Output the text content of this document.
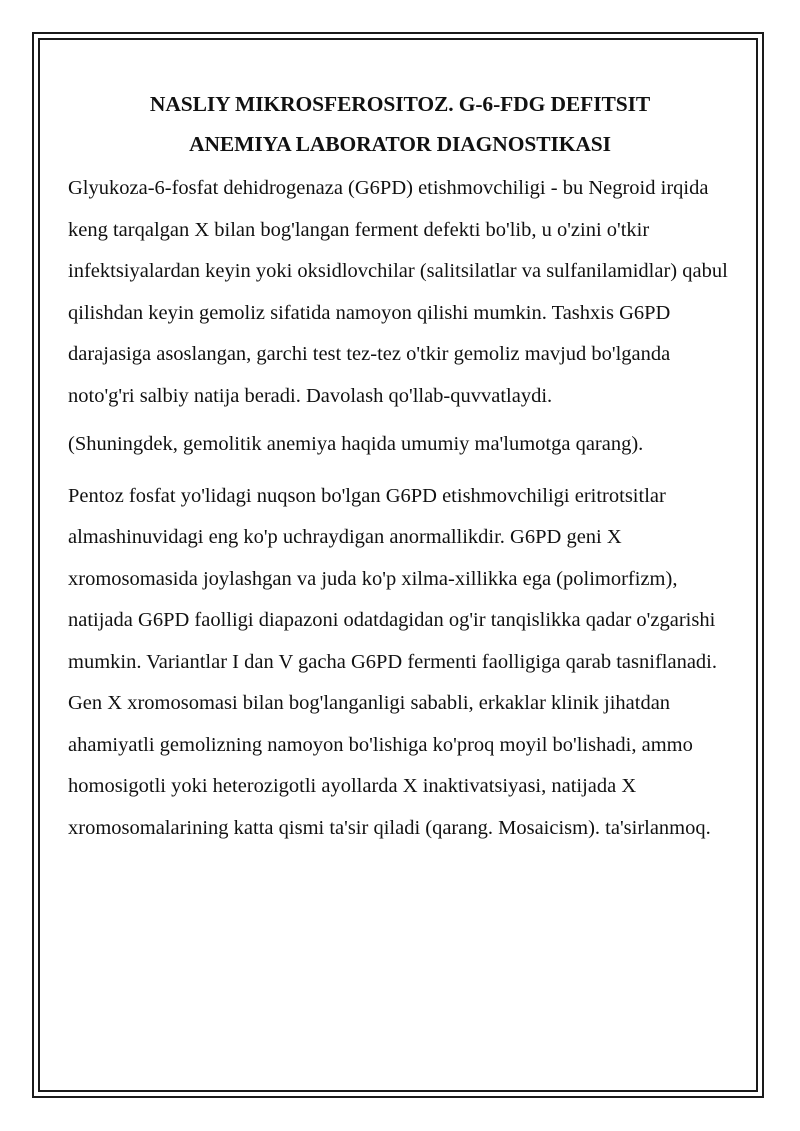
NASLIY MIKROSFEROSITOZ. G-6-FDG DEFITSIT
ANEMIYA LABORATOR DIAGNOSTIKASI

Glyukoza-6-fosfat dehidrogenaza (G6PD) etishmovchiligi - bu Negroid irqida keng tarqalgan X bilan bog'langan ferment defekti bo'lib, u o'zini o'tkir infektsiyalardan keyin yoki oksidlovchilar (salitsilatlar va sulfanilamidlar) qabul qilishdan keyin gemoliz sifatida namoyon qilishi mumkin. Tashxis G6PD darajasiga asoslangan, garchi test tez-tez o'tkir gemoliz mavjud bo'lganda noto'g'ri salbiy natija beradi. Davolash qo'llab-quvvatlaydi.

(Shuningdek, gemolitik anemiya haqida umumiy ma'lumotga qarang).

Pentoz fosfat yo'lidagi nuqson bo'lgan G6PD etishmovchiligi eritrotsitlar almashinuvidagi eng ko'p uchraydigan anormallikdir. G6PD geni X xromosomasida joylashgan va juda ko'p xilma-xillikka ega (polimorfizm), natijada G6PD faolligi diapazoni odatdagidan og'ir tanqislikka qadar o'zgarishi mumkin. Variantlar I dan V gacha G6PD fermenti faolligiga qarab tasniflanadi. Gen X xromosomasi bilan bog'langanligi sababli, erkaklar klinik jihatdan ahamiyatli gemolizning namoyon bo'lishiga ko'proq moyil bo'lishadi, ammo homosigotli yoki heterozigotli ayollarda X inaktivatsiyasi, natijada X xromosomalarining katta qismi ta'sir qiladi (qarang. Mosaicism). ta'sirlanmoq.
